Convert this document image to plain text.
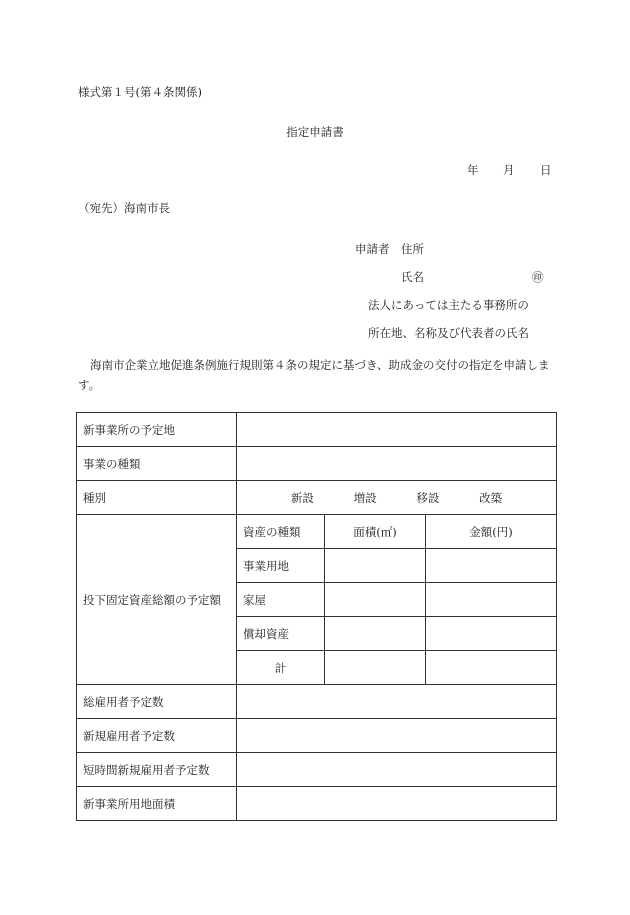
様式第１号(第４条関係)
指定申請書
年 月 日
（宛先）海南市長
申請者 住所
氏名	㊞
法人にあっては主たる事務所の
所在地、名称及び代表者の氏名
海南市企業立地促進条例施行規則第４条の規定に基づき、助成金の交付の指定を申請します。
新事業所の予定地			
事業の種類			
種別	新設 増設 移設 改築		

投下固定資産総額の予定額	資産の種類	面積(㎡)	金額(円)
	事業用地		
	家屋		
	償却資産		
	計		
総雇用者予定数			
新規雇用者予定数			
短時間新規雇用者予定数			
新事業所用地面積			
